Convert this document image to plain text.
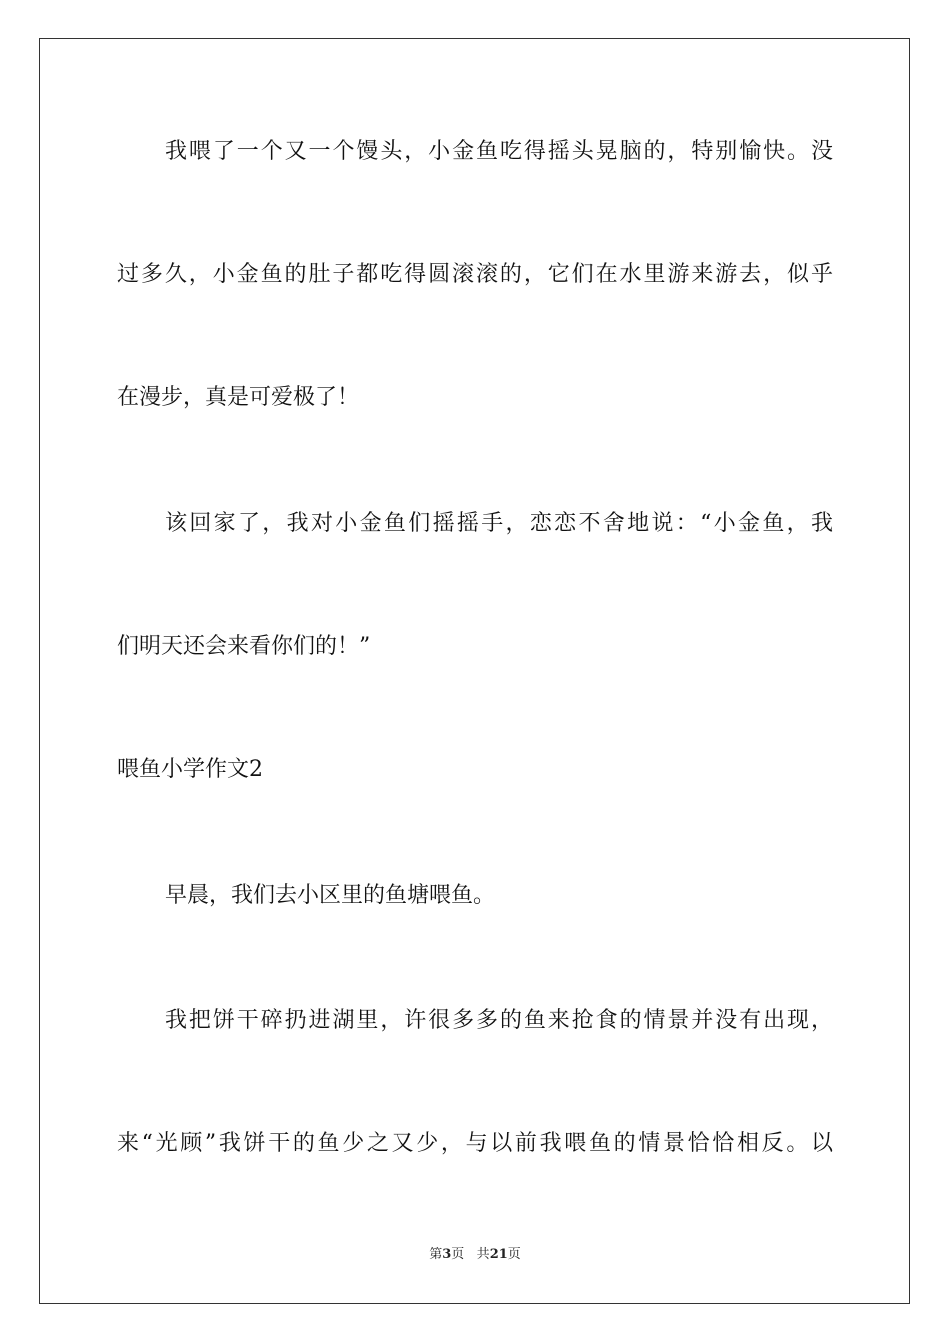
我喂了一个又一个馒头，小金鱼吃得摇头晃脑的，特别愉快。没
过多久，小金鱼的肚子都吃得圆滚滚的，它们在水里游来游去，似乎
在漫步，真是可爱极了！
该回家了，我对小金鱼们摇摇手，恋恋不舍地说：“小金鱼，我
们明天还会来看你们的！”
喂鱼小学作文2
早晨，我们去小区里的鱼塘喂鱼。
我把饼干碎扔进湖里，许很多多的鱼来抢食的情景并没有出现，
来“光顾”我饼干的鱼少之又少，与以前我喂鱼的情景恰恰相反。以
第3页 共21页
